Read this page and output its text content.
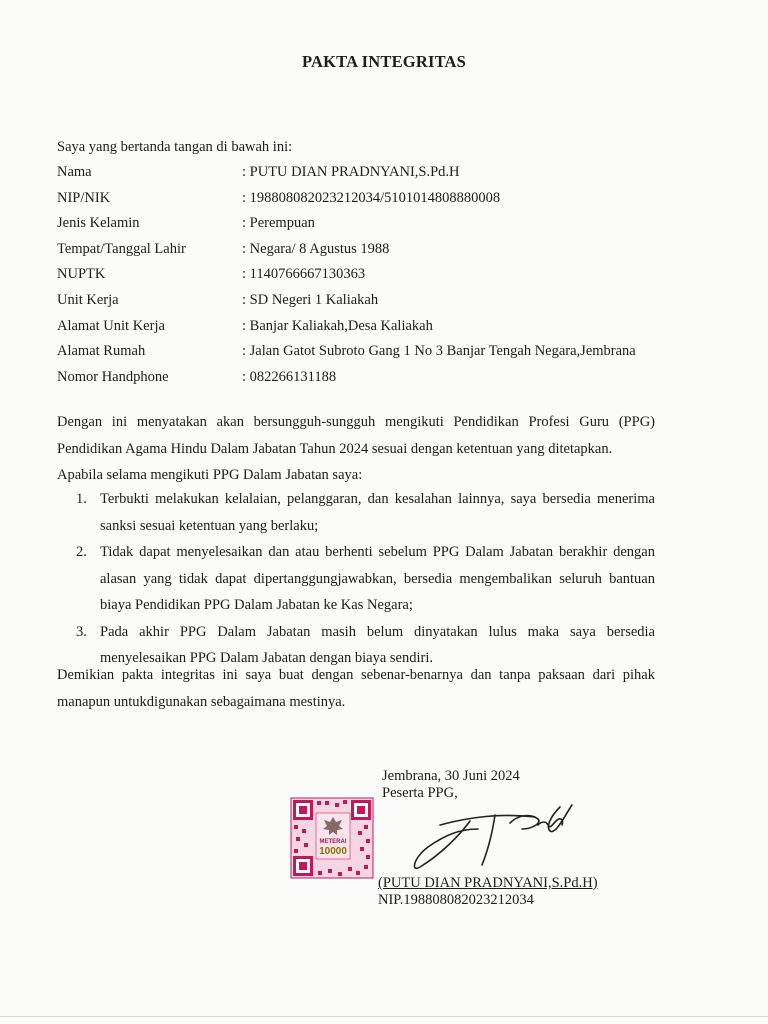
PAKTA INTEGRITAS
Saya yang bertanda tangan di bawah ini:
Nama	: PUTU DIAN PRADNYANI,S.Pd.H
NIP/NIK	: 198808082023212034/5101014808880008
Jenis Kelamin	: Perempuan
Tempat/Tanggal Lahir	: Negara/ 8 Agustus 1988
NUPTK	: 1140766667130363
Unit Kerja	: SD Negeri 1 Kaliakah
Alamat Unit Kerja	: Banjar Kaliakah,Desa Kaliakah
Alamat Rumah	: Jalan Gatot Subroto Gang 1 No 3 Banjar Tengah Negara,Jembrana
Nomor Handphone	: 082266131188
Dengan ini menyatakan akan bersungguh-sungguh mengikuti Pendidikan Profesi Guru (PPG) Pendidikan Agama Hindu Dalam Jabatan Tahun 2024 sesuai dengan ketentuan yang ditetapkan.
Apabila selama mengikuti PPG Dalam Jabatan saya:
1. Terbukti melakukan kelalaian, pelanggaran, dan kesalahan lainnya, saya bersedia menerima sanksi sesuai ketentuan yang berlaku;
2. Tidak dapat menyelesaikan dan atau berhenti sebelum PPG Dalam Jabatan berakhir dengan alasan yang tidak dapat dipertanggungjawabkan, bersedia mengembalikan seluruh bantuan biaya Pendidikan PPG Dalam Jabatan ke Kas Negara;
3. Pada akhir PPG Dalam Jabatan masih belum dinyatakan lulus maka saya bersedia menyelesaikan PPG Dalam Jabatan dengan biaya sendiri.
Demikian pakta integritas ini saya buat dengan sebenar-benarnya dan tanpa paksaan dari pihak manapun untukdigunakan sebagaimana mestinya.
Jembrana, 30 Juni 2024
Peserta PPG,
METERAI
10000
(PUTU DIAN PRADNYANI,S.Pd.H)
NIP.198808082023212034
